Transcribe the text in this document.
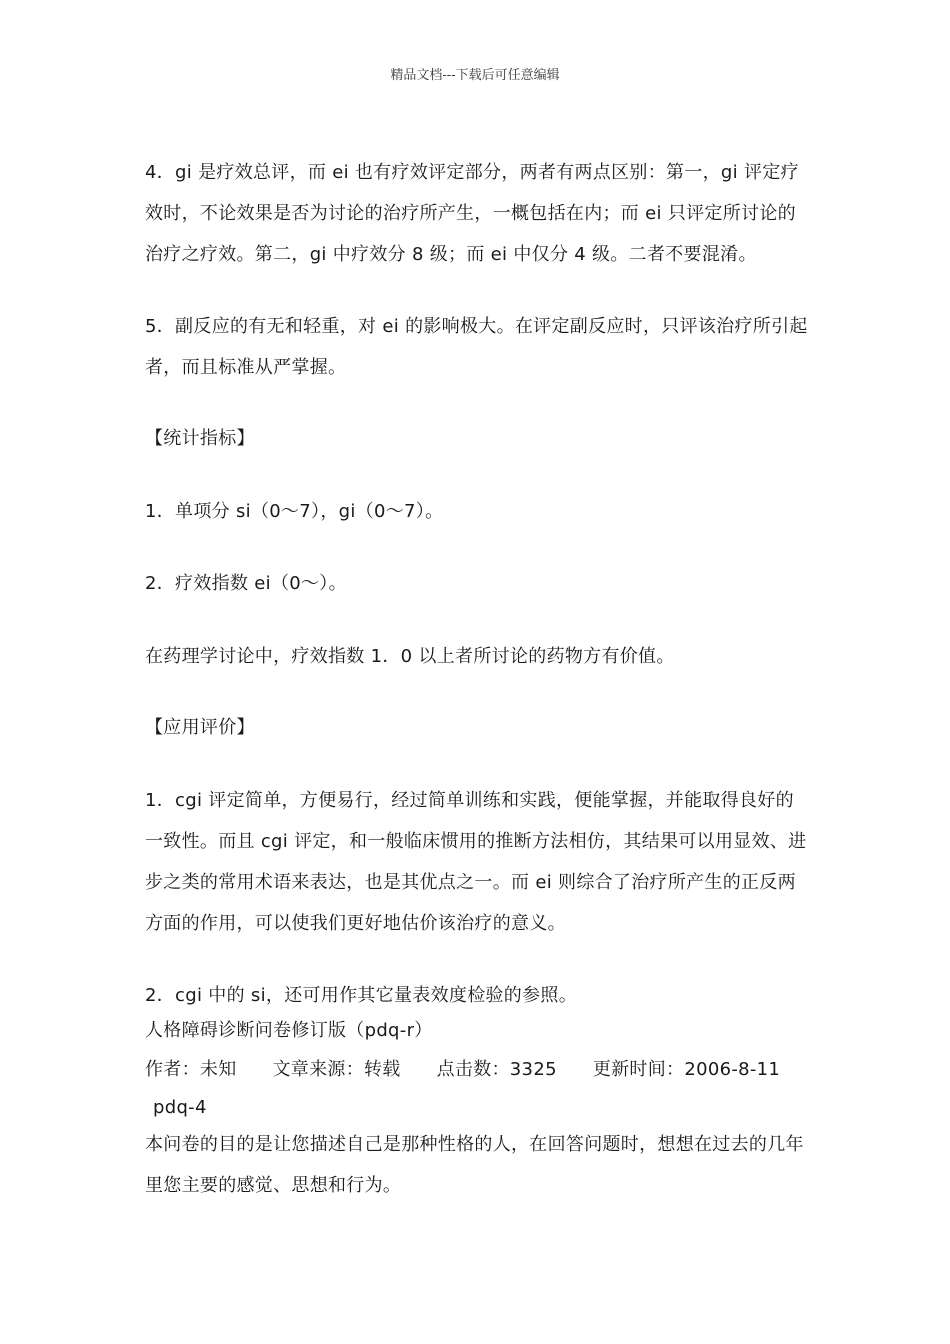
精品文档---下载后可任意编辑

4．gi 是疗效总评，而 ei 也有疗效评定部分，两者有两点区别：第一，gi 评定疗效时，不论效果是否为讨论的治疗所产生，一概包括在内；而 ei 只评定所讨论的治疗之疗效。第二，gi 中疗效分 8 级；而 ei 中仅分 4 级。二者不要混淆。

5．副反应的有无和轻重，对 ei 的影响极大。在评定副反应时，只评该治疗所引起者，而且标准从严掌握。

【统计指标】

1．单项分 si（0～7），gi（0～7）。

2．疗效指数 ei（0～）。

在药理学讨论中，疗效指数 1．0 以上者所讨论的药物方有价值。

【应用评价】

1．cgi 评定简单，方便易行，经过简单训练和实践，便能掌握，并能取得良好的一致性。而且 cgi 评定，和一般临床惯用的推断方法相仿，其结果可以用显效、进步之类的常用术语来表达，也是其优点之一。而 ei 则综合了治疗所产生的正反两方面的作用，可以使我们更好地估价该治疗的意义。

2．cgi 中的 si，还可用作其它量表效度检验的参照。

人格障碍诊断问卷修订版（pdq-r）
作者：未知 文章来源：转载 点击数：3325 更新时间：2006-8-11
pdq-4

本问卷的目的是让您描述自己是那种性格的人，在回答问题时，想想在过去的几年里您主要的感觉、思想和行为。
